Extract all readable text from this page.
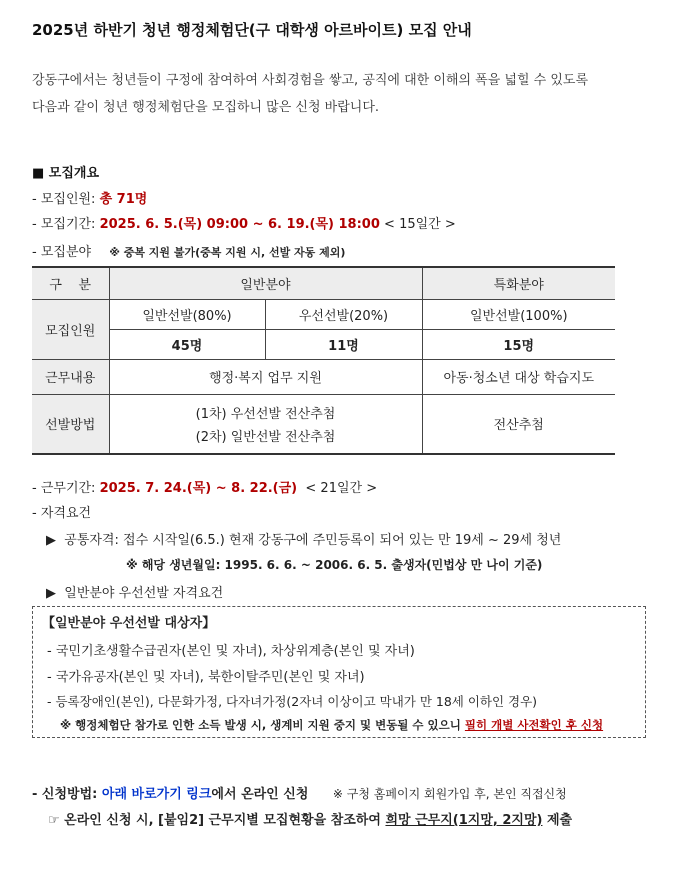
2025년 하반기 청년 행정체험단(구 대학생 아르바이트) 모집 안내
강동구에서는 청년들이 구정에 참여하여 사회경험을 쌓고, 공직에 대한 이해의 폭을 넓힐 수 있도록
다음과 같이 청년 행정체험단을 모집하니 많은 신청 바랍니다.
■ 모집개요
- 모집인원: 총 71명
- 모집기간: 2025. 6. 5.(목) 09:00 ~ 6. 19.(목) 18:00 < 15일간 >
- 모집분야 ※ 중복 지원 불가(중복 지원 시, 선발 자동 제외)
구    분	일반분야		특화분야
모집인원	일반선발(80%)	우선선발(20%)	일반선발(100%)
	45명	11명	15명
근무내용	행정·복지 업무 지원		아동·청소년 대상 학습지도
선발방법	(1차) 우선선발 전산추첨
(2차) 일반선발 전산추첨		전산추첨
- 근무기간: 2025. 7. 24.(목) ~ 8. 22.(금)  < 21일간 >
- 자격요건
▶  공통자격: 접수 시작일(6.5.) 현재 강동구에 주민등록이 되어 있는 만 19세 ~ 29세 청년
※ 해당 생년월일: 1995. 6. 6. ~ 2006. 6. 5. 출생자(민법상 만 나이 기준)
▶  일반분야 우선선발 자격요건
【일반분야 우선선발 대상자】
- 국민기초생활수급권자(본인 및 자녀), 차상위계층(본인 및 자녀)
- 국가유공자(본인 및 자녀), 북한이탈주민(본인 및 자녀)
- 등록장애인(본인), 다문화가정, 다자녀가정(2자녀 이상이고 막내가 만 18세 이하인 경우)
※ 행정체험단 참가로 인한 소득 발생 시, 생계비 지원 중지 및 변동될 수 있으니 필히 개별 사전확인 후 신청
- 신청방법: 아래 바로가기 링크에서 온라인 신청 ※ 구청 홈페이지 회원가입 후, 본인 직접신청
☞ 온라인 신청 시, [붙임2] 근무지별 모집현황을 참조하여 희망 근무지(1지망, 2지망) 제출
